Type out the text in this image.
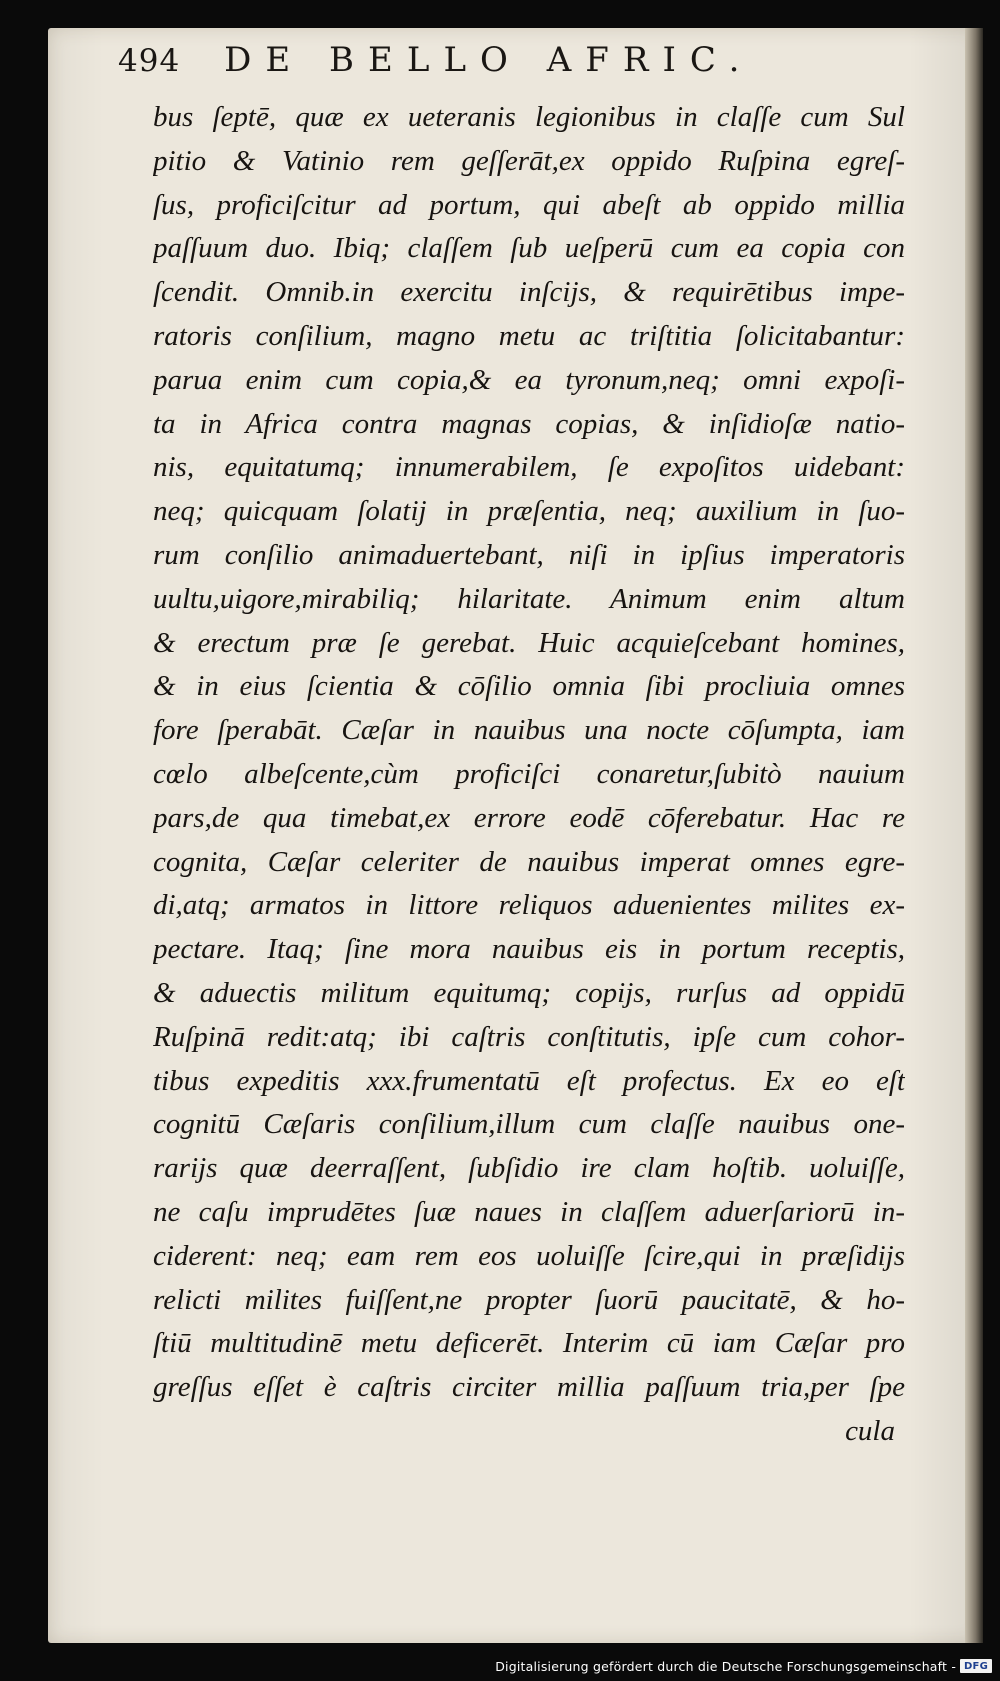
494 DE BELLO AFRIC.
bus ſeptē, quæ ex ueteranis legionibus in claſſe cum Sul
pitio & Vatinio rem geſſerāt,ex oppido Ruſpina egreſ-
ſus, proficiſcitur ad portum, qui abeſt ab oppido millia
paſſuum duo. Ibiq; claſſem ſub ueſperū cum ea copia con
ſcendit. Omnib.in exercitu inſcijs, & requirētibus impe-
ratoris conſilium, magno metu ac triſtitia ſolicitabantur:
parua enim cum copia,& ea tyronum,neq; omni expoſi-
ta in Africa contra magnas copias, & inſidioſæ natio-
nis, equitatumq; innumerabilem, ſe expoſitos uidebant:
neq; quicquam ſolatij in præſentia, neq; auxilium in ſuo-
rum conſilio animaduertebant, niſi in ipſius imperatoris
uultu,uigore,mirabiliq; hilaritate. Animum enim altum
& erectum præ ſe gerebat. Huic acquieſcebant homines,
& in eius ſcientia & cōſilio omnia ſibi procliuia omnes
fore ſperabāt. Cæſar in nauibus una nocte cōſumpta, iam
cœlo albeſcente,cùm proficiſci conaretur,ſubitò nauium
pars,de qua timebat,ex errore eodē cōferebatur. Hac re
cognita, Cæſar celeriter de nauibus imperat omnes egre-
di,atq; armatos in littore reliquos aduenientes milites ex-
pectare. Itaq; ſine mora nauibus eis in portum receptis,
& aduectis militum equitumq; copijs, rurſus ad oppidū
Ruſpinā redit:atq; ibi caſtris conſtitutis, ipſe cum cohor-
tibus expeditis xxx.frumentatū eſt profectus. Ex eo eſt
cognitū Cæſaris conſilium,illum cum claſſe nauibus one-
rarijs quæ deerraſſent, ſubſidio ire clam hoſtib. uoluiſſe,
ne caſu imprudētes ſuæ naues in claſſem aduerſariorū in-
ciderent: neq; eam rem eos uoluiſſe ſcire,qui in præſidijs
relicti milites fuiſſent,ne propter ſuorū paucitatē, & ho-
ſtiū multitudinē metu deficerēt. Interim cū iam Cæſar pro
greſſus eſſet è caſtris circiter millia paſſuum tria,per ſpe
cula
Digitalisierung gefördert durch die Deutsche Forschungsgemeinschaft - DFG
